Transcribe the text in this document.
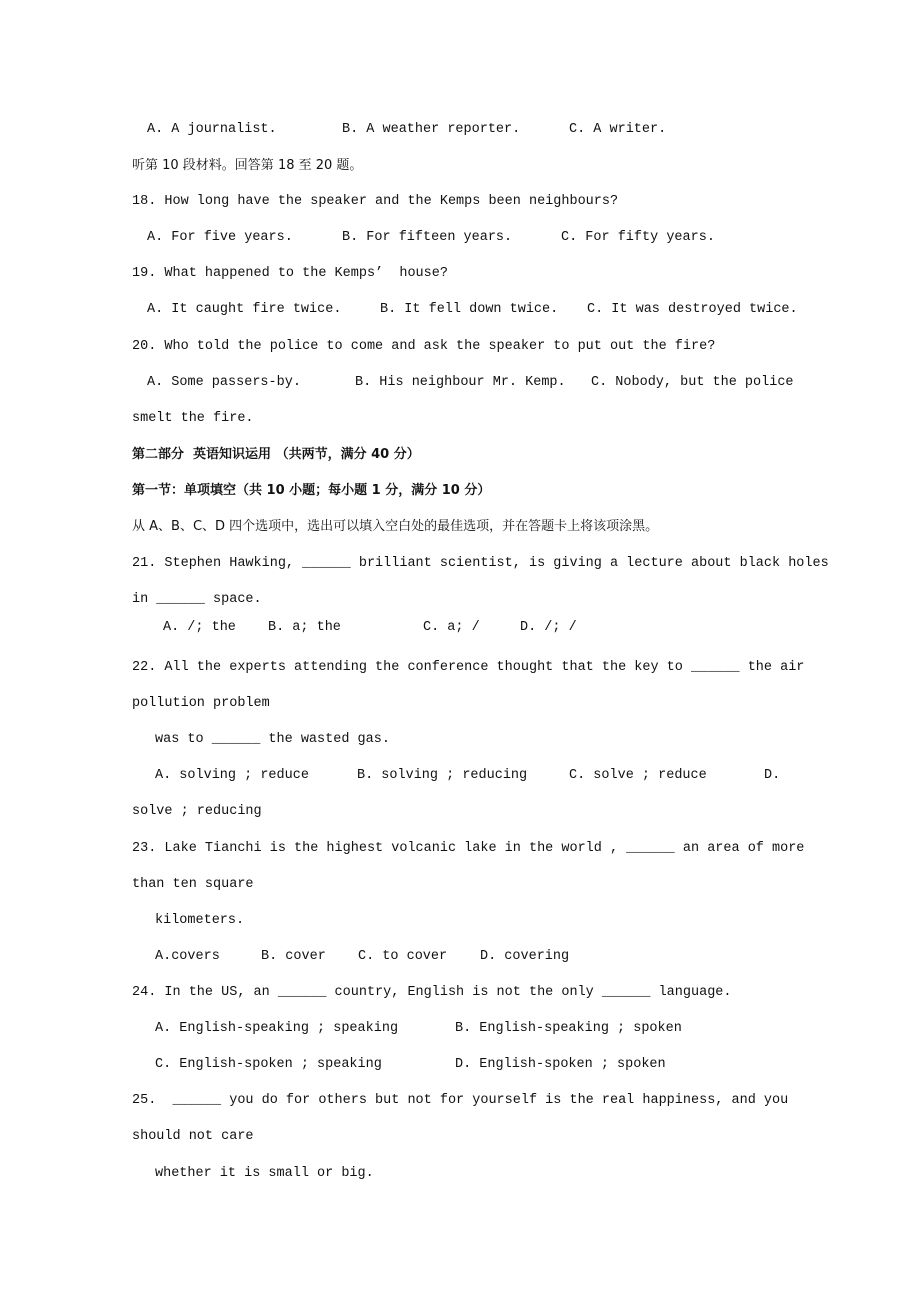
A. A journalist.	B. A weather reporter.	C. A writer.
听第 10 段材料。回答第 18 至 20 题。
18. How long have the speaker and the Kemps been neighbours?
A. For five years.	B. For fifteen years.	C. For fifty years.
19. What happened to the Kemps’  house?
A. It caught fire twice.	B. It fell down twice. C. It was destroyed twice.
20. Who told the police to come and ask the speaker to put out the fire?
A. Some passers-by.	B. His neighbour Mr. Kemp. C. Nobody, but the police
smelt the fire.
第二部分  英语知识运用 （共两节，满分 40 分）
第一节：单项填空（共 10 小题；每小题 1 分，满分 10 分）
从 A、B、C、D 四个选项中，选出可以填入空白处的最佳选项，并在答题卡上将该项涂黑。
21. Stephen Hawking, ______ brilliant scientist, is giving a lecture about black holes
in ______ space.
A. /; the B. a; the	C. a; /	D. /; /
22. All the experts attending the conference thought that the key to ______ the air
pollution problem
was to ______ the wasted gas.
A. solving ; reduce	B. solving ; reducing	C. solve ; reduce	D.
solve ; reducing
23. Lake Tianchi is the highest volcanic lake in the world , ______ an area of more
than ten square
kilometers.
A.covers	B. cover C. to cover D. covering
24. In the US, an ______ country, English is not the only ______ language.
A. English-speaking ; speaking	B. English-speaking ; spoken
C. English-spoken ; speaking	D. English-spoken ; spoken
25.  ______ you do for others but not for yourself is the real happiness, and you
should not care
whether it is small or big.
